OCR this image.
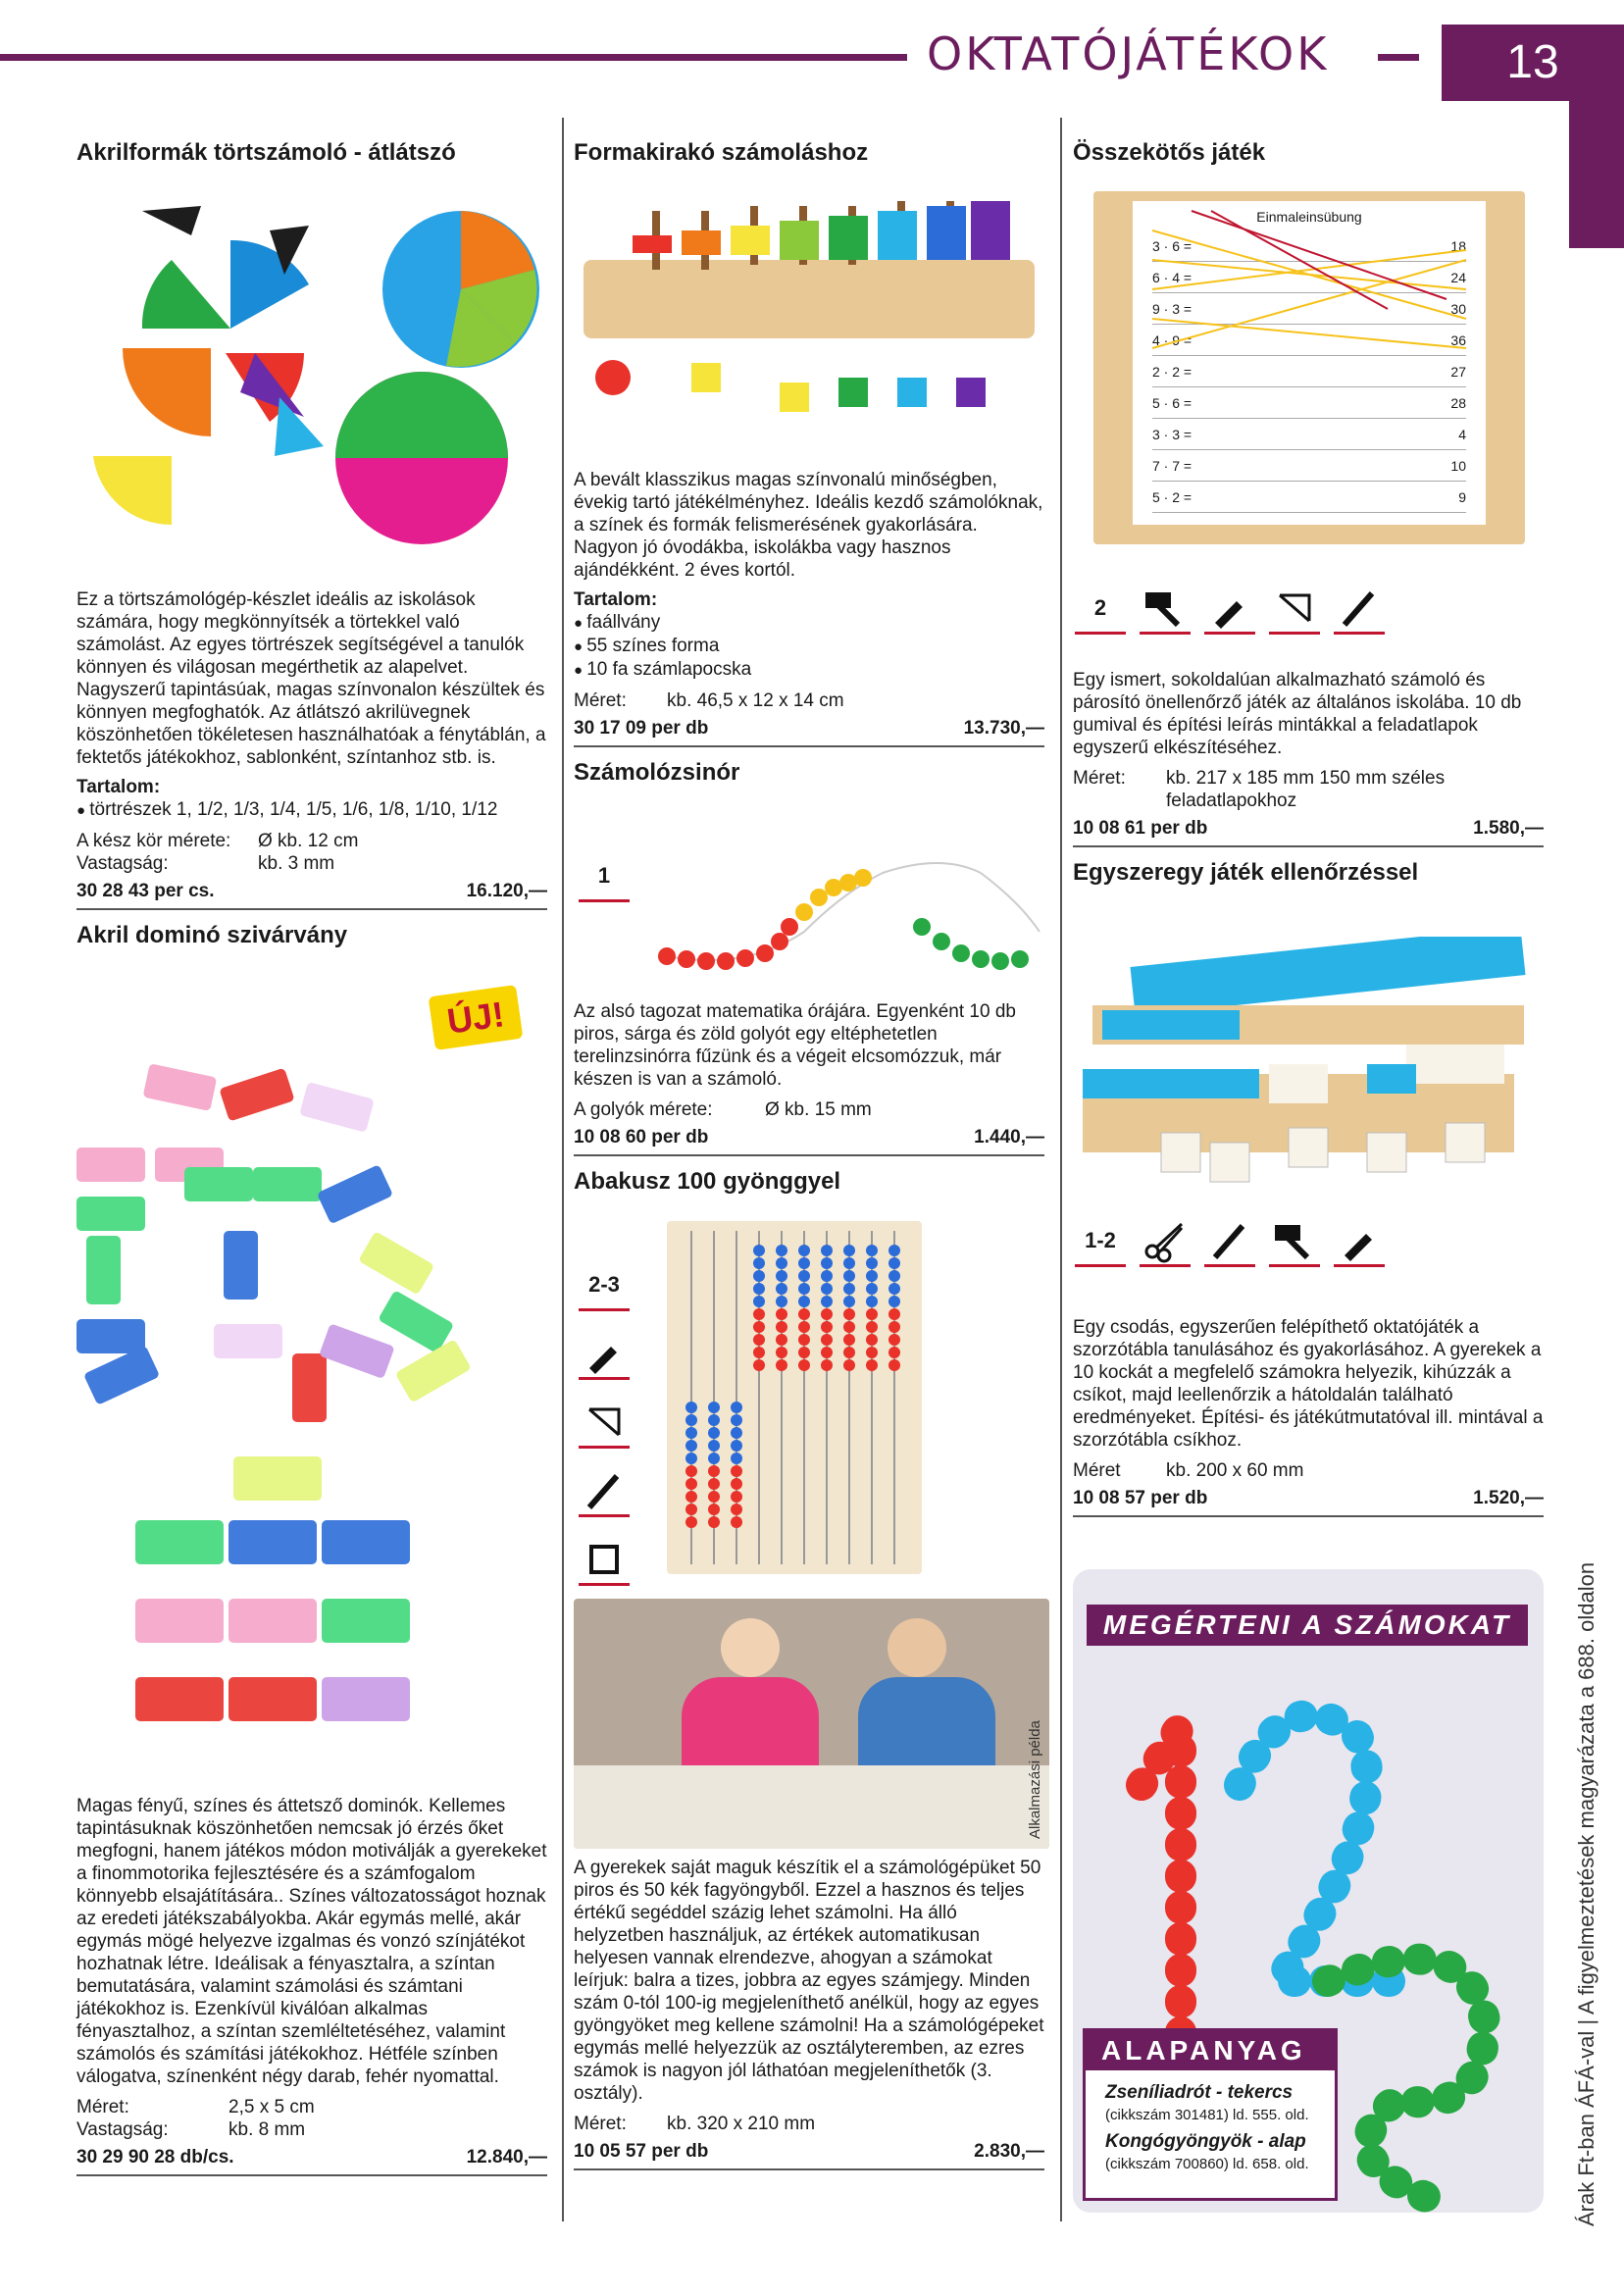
OKTATÓJÁTÉKOK	13
Árak Ft-ban ÁFÁ-val | A figyelmeztetések magyarázata a 688. oldalon
Akrilformák törtszámoló - átlátszó

Ez a törtszámológép-készlet ideális az iskolások számára, hogy megkönnyítsék a törtekkel való számolást. Az egyes törtrészek segítségével a tanulók könnyen és világosan megérthetik az alapelvet. Nagyszerű tapintásúak, magas színvonalon készültek és könnyen megfoghatók. Az átlátszó akrilüvegnek köszönhetően tökéletesen használhatóak a fénytáblán, a fektetős játékokhoz, sablonként, színtanhoz stb. is.

Tartalom:

● törtrészek 1, 1/2, 1/3, 1/4, 1/5, 1/6, 1/8, 1/10, 1/12
A kész kör mérete:	Ø kb. 12 cm
Vastagság:	kb. 3 mm
30 28 43 per cs.	16.120,—
Akril dominó szivárvány
ÚJ!

Magas fényű, színes és áttetsző dominók. Kellemes tapintásuknak köszönhetően nemcsak jó érzés őket megfogni, hanem játékos módon motiválják a gyerekeket a finommotorika fejlesztésére és a számfogalom könnyebb elsajátítására.. Színes változatosságot hoznak az eredeti játékszabályokba. Akár egymás mellé, akár egymás mögé helyezve izgalmas és vonzó színjátékot hozhatnak létre. Ideálisak a fényasztalra, a színtan bemutatására, valamint számolási és számtani játékokhoz is. Ezenkívül kiválóan alkalmas fényasztalhoz, a színtan szemléltetéséhez, valamint számolós és számítási játékokhoz. Hétféle színben válogatva, színenként négy darab, fehér nyomattal.

Méret:	2,5 x 5 cm
Vastagság:	kb. 8 mm
30 29 90 28 db/cs.	12.840,—
Formakirakó számoláshoz

A bevált klasszikus magas színvonalú minőségben, évekig tartó játékélményhez. Ideális kezdő számolóknak, a színek és formák felismerésének gyakorlására. Nagyon jó óvodákba, iskolákba vagy hasznos ajándékként. 2 éves kortól.

Tartalom:

● faállvány
● 55 színes forma
● 10 fa számlapocska
Méret:	kb. 46,5 x 12 x 14 cm
30 17 09 per db	13.730,—
Számolózsinór
1

Az alsó tagozat matematika órájára. Egyenként 10 db piros, sárga és zöld golyót egy eltéphetetlen terelinzsinórra fűzünk és a végeit elcsomózzuk, már készen is van a számoló.

A golyók mérete:	Ø kb. 15 mm
10 08 60 per db	1.440,—
Abakusz 100 gyönggyel
2-3
Alkalmazási példa

A gyerekek saját maguk készítik el a számológépüket 50 piros és 50 kék fagyöngyből. Ezzel a hasznos és teljes értékű segéddel százig lehet számolni. Ha álló helyzetben használjuk, az értékek automatikusan helyesen vannak elrendezve, ahogyan a számokat leírjuk: balra a tizes, jobbra az egyes számjegy. Minden szám 0-tól 100-ig megjeleníthető anélkül, hogy az egyes gyöngyöket meg kellene számolni! Ha a számológépeket egymás mellé helyezzük az osztályteremben, az ezres számok is nagyon jól láthatóan megjeleníthetők (3. osztály).

Méret:	kb. 320 x 210 mm
10 05 57 per db	2.830,—
Összekötős játék
Einmaleinsübung
3 · 6 =	18
6 · 4 =	24
9 · 3 =	30
4 · 9 =	36
2 · 2 =	27
5 · 6 =	28
3 · 3 =	4
7 · 7 =	10
5 · 2 =	9
2

Egy ismert, sokoldalúan alkalmazható számoló és párosító önellenőrző játék az általános iskolába. 10 db gumival és építési leírás mintákkal a feladatlapok egyszerű elkészítéséhez.

Méret:	kb. 217 x 185 mm 150 mm széles feladatlapokhoz
10 08 61 per db	1.580,—
Egyszeregy játék ellenőrzéssel
1-2

Egy csodás, egyszerűen felépíthető oktatójáték a szorzótábla tanulásához és gyakorlásához. A gyerekek a 10 kockát a megfelelő számokra helyezik, kihúzzák a csíkot, majd leellenőrzik a hátoldalán található eredményeket. Építési- és játékútmutatóval ill. mintával a szorzótábla csíkhoz.

Méret	kb. 200 x 60 mm
10 08 57 per db	1.520,—
MEGÉRTENI A SZÁMOKAT
ALAPANYAG
Zseníliadrót - tekercs
(cikkszám 301481) ld. 555. old.
Kongógyöngyök - alap
(cikkszám 700860) ld. 658. old.
